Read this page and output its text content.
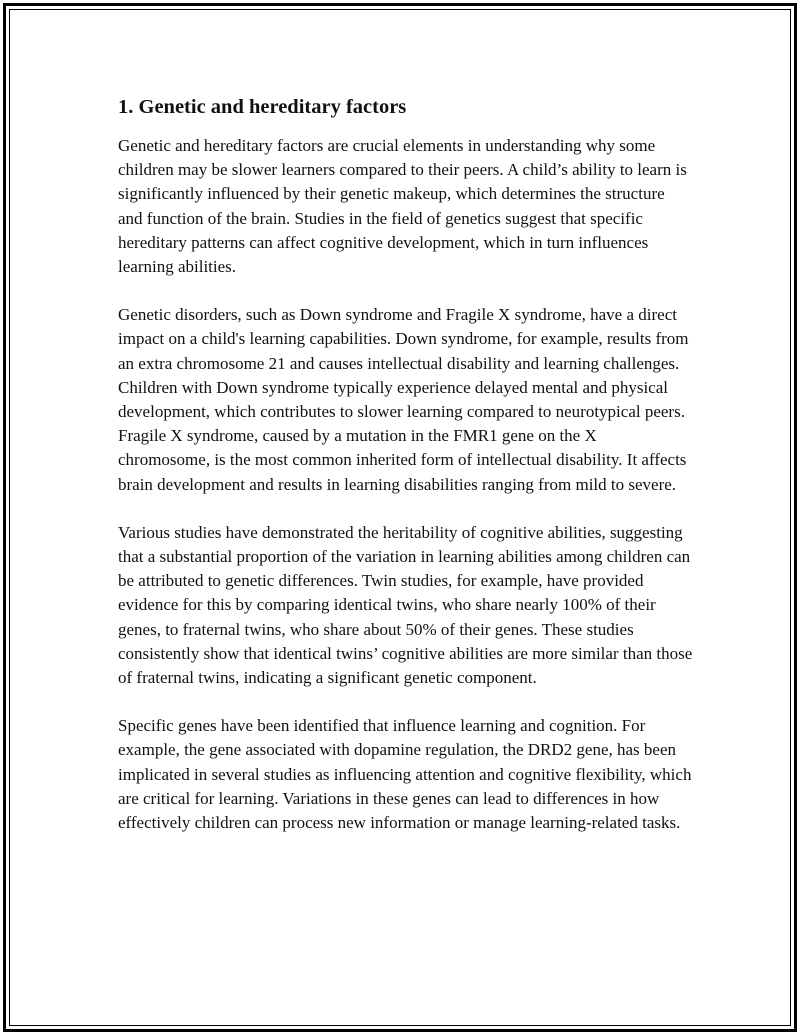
1. Genetic and hereditary factors

Genetic and hereditary factors are crucial elements in understanding why some children may be slower learners compared to their peers. A child’s ability to learn is significantly influenced by their genetic makeup, which determines the structure and function of the brain. Studies in the field of genetics suggest that specific hereditary patterns can affect cognitive development, which in turn influences learning abilities.

Genetic disorders, such as Down syndrome and Fragile X syndrome, have a direct impact on a child's learning capabilities. Down syndrome, for example, results from an extra chromosome 21 and causes intellectual disability and learning challenges. Children with Down syndrome typically experience delayed mental and physical development, which contributes to slower learning compared to neurotypical peers. Fragile X syndrome, caused by a mutation in the FMR1 gene on the X chromosome, is the most common inherited form of intellectual disability. It affects brain development and results in learning disabilities ranging from mild to severe.

Various studies have demonstrated the heritability of cognitive abilities, suggesting that a substantial proportion of the variation in learning abilities among children can be attributed to genetic differences. Twin studies, for example, have provided evidence for this by comparing identical twins, who share nearly 100% of their genes, to fraternal twins, who share about 50% of their genes. These studies consistently show that identical twins’ cognitive abilities are more similar than those of fraternal twins, indicating a significant genetic component.

Specific genes have been identified that influence learning and cognition. For example, the gene associated with dopamine regulation, the DRD2 gene, has been implicated in several studies as influencing attention and cognitive flexibility, which are critical for learning. Variations in these genes can lead to differences in how effectively children can process new information or manage learning-related tasks.
